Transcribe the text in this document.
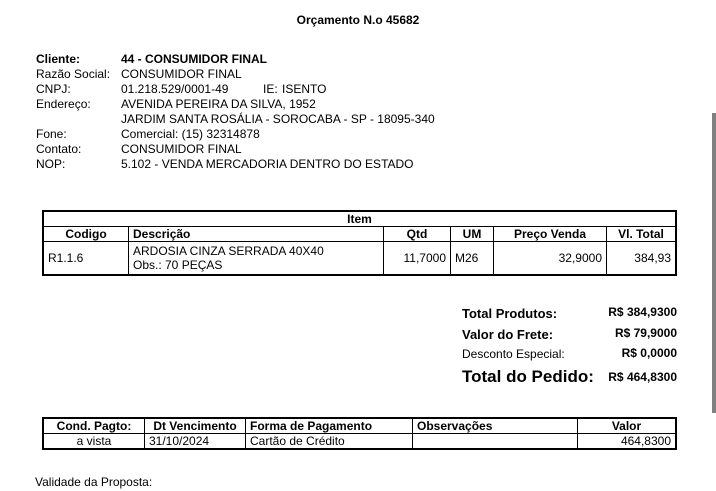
Orçamento N.o 45682
Cliente:	44 - CONSUMIDOR FINAL
Razão Social: CONSUMIDOR FINAL
CNPJ:	01.218.529/0001-49	IE: ISENTO
Endereço:	AVENIDA PEREIRA DA SILVA, 1952
JARDIM SANTA ROSÁLIA - SOROCABA - SP - 18095-340
Fone:	Comercial: (15) 32314878
Contato:	CONSUMIDOR FINAL
NOP:	5.102 - VENDA MERCADORIA DENTRO DO ESTADO
Item					
Codigo	Descrição	Qtd	UM	Preço Venda	Vl. Total
R1.1.6	ARDOSIA CINZA SERRADA 40X40
Obs.: 70 PEÇAS	11,7000	M26	32,9000	384,93
Total Produtos:	R$ 384,9300
Valor do Frete:	R$ 79,9000
Desconto Especial:	R$ 0,0000
Total do Pedido:	R$ 464,8300
Cond. Pagto:	Dt Vencimento	Forma de Pagamento	Observações	Valor
a vista	31/10/2024	Cartão de Crédito		464,8300
Validade da Proposta:
